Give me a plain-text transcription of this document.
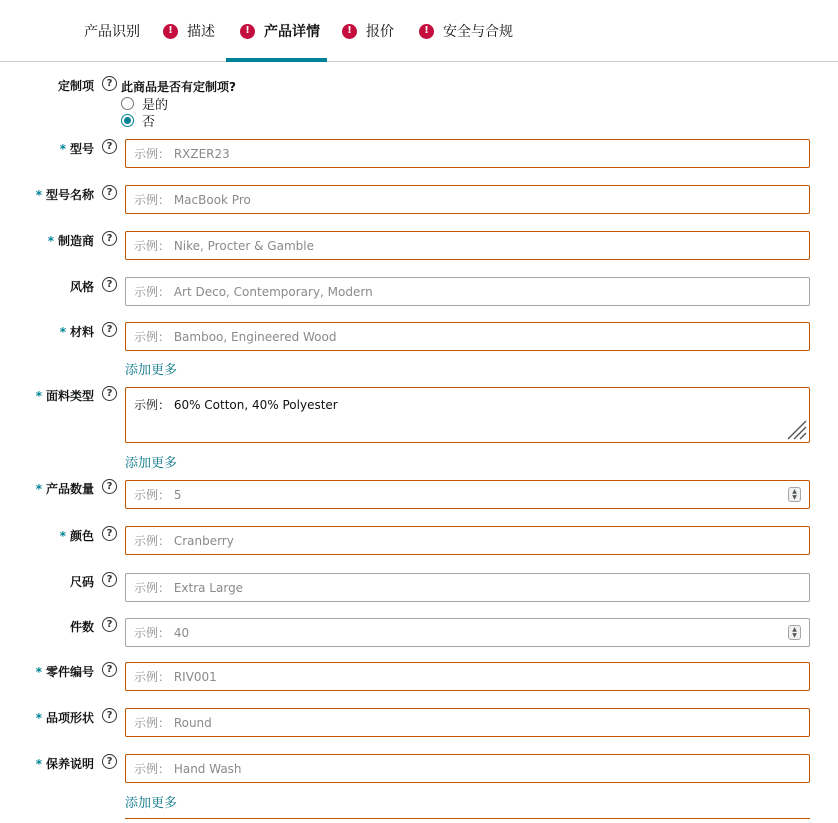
产品识别	!	描述	!	产品详情	!	报价	!	安全与合规
定制项	? 此商品是否有定制项?
是的
否
* 型号	?
示例： RXZER23
* 型号名称	?
示例： MacBook Pro
* 制造商	?
示例： Nike, Procter & Gamble
风格	?
示例： Art Deco, Contemporary, Modern
* 材料	?
示例： Bamboo, Engineered Wood
添加更多
* 面料类型	?
示例： 60% Cotton, 40% Polyester
添加更多
* 产品数量	?
示例： 5	▲
▼
* 颜色	?
示例： Cranberry
尺码	?
示例： Extra Large
件数	?
示例： 40	▲
▼
* 零件编号	?
示例： RIV001
* 品项形状	?
示例： Round
* 保养说明	?
示例： Hand Wash
添加更多
